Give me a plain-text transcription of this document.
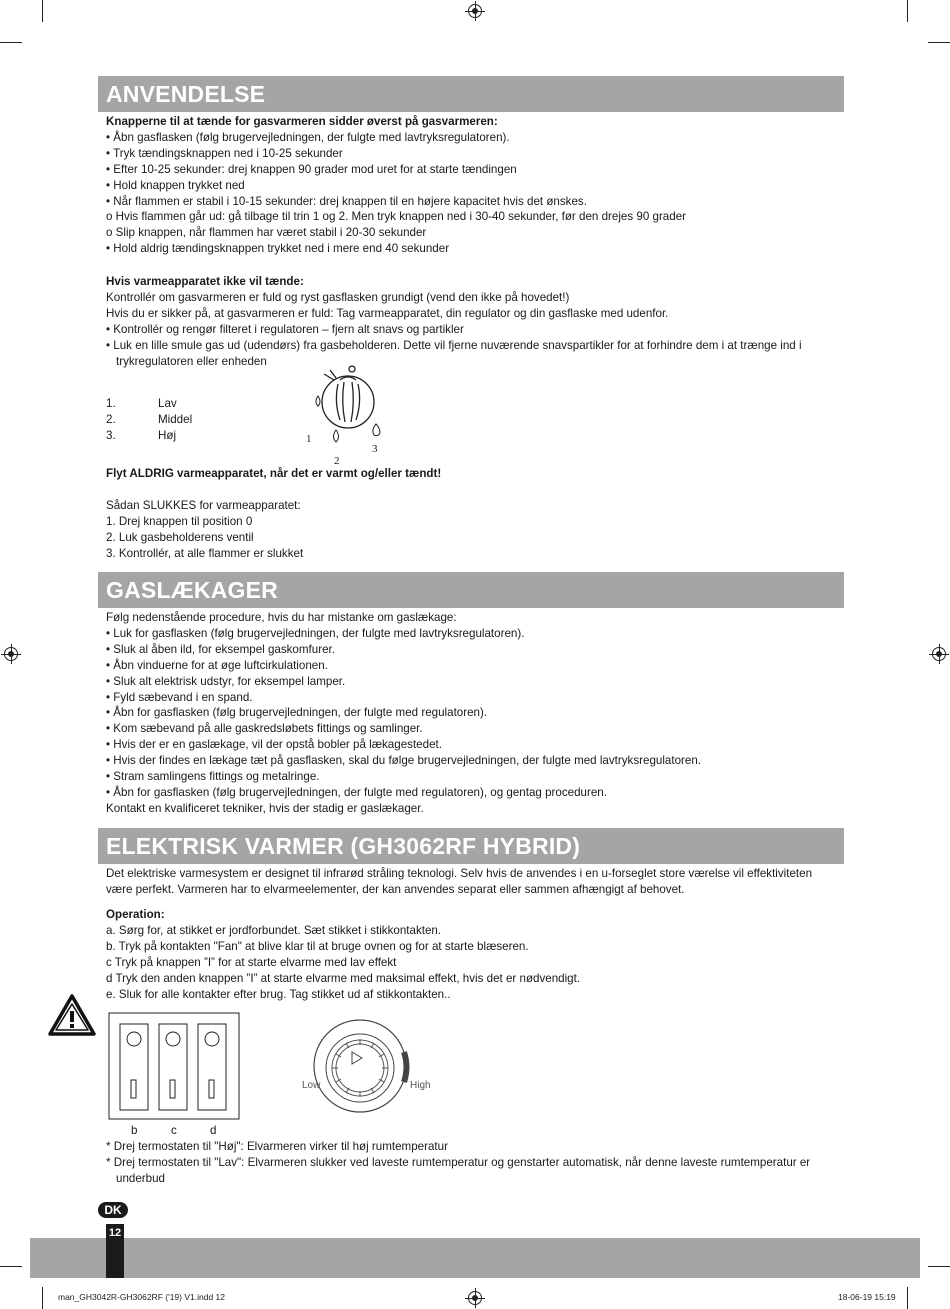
ANVENDELSE

Knapperne til at tænde for gasvarmeren sidder øverst på gasvarmeren:

• Åbn gasflasken (følg brugervejledningen, der fulgte med lavtryksregulatoren).

• Tryk tændingsknappen ned i 10-25 sekunder

• Efter 10-25 sekunder: drej knappen 90 grader mod uret for at starte tændingen

• Hold knappen trykket ned

• Når flammen er stabil i 10-15 sekunder: drej knappen til en højere kapacitet hvis det ønskes.

o Hvis flammen går ud: gå tilbage til trin 1 og 2. Men tryk knappen ned i 30-40 sekunder, før den drejes 90 grader

o Slip knappen, når flammen har været stabil i 20-30 sekunder

• Hold aldrig tændingsknappen trykket ned i mere end 40 sekunder

Hvis varmeapparatet ikke vil tænde:

Kontrollér om gasvarmeren er fuld og ryst gasflasken grundigt (vend den ikke på hovedet!)

Hvis du er sikker på, at gasvarmeren er fuld: Tag varmeapparatet, din regulator og din gasflaske med udenfor.

• Kontrollér og rengør filteret i regulatoren – fjern alt snavs og partikler

• Luk en lille smule gas ud (udendørs) fra gasbeholderen. Dette vil fjerne nuværende snavspartikler for at forhindre dem i at trænge ind i

trykregulatoren eller enheden

1.	Lav
2.	Middel
3.	Høj	1
2
3
Flyt ALDRIG varmeapparatet, når det er varmt og/eller tændt!

Sådan SLUKKES for varmeapparatet:

1. Drej knappen til position 0

2. Luk gasbeholderens ventil

3. Kontrollér, at alle flammer er slukket

GASLÆKAGER

Følg nedenstående procedure, hvis du har mistanke om gaslækage:

• Luk for gasflasken (følg brugervejledningen, der fulgte med lavtryksregulatoren).

• Sluk al åben ild, for eksempel gaskomfurer.

• Åbn vinduerne for at øge luftcirkulationen.

• Sluk alt elektrisk udstyr, for eksempel lamper.

• Fyld sæbevand i en spand.

• Åbn for gasflasken (følg brugervejledningen, der fulgte med regulatoren).

• Kom sæbevand på alle gaskredsløbets fittings og samlinger.

• Hvis der er en gaslækage, vil der opstå bobler på lækagestedet.

• Hvis der findes en lækage tæt på gasflasken, skal du følge brugervejledningen, der fulgte med lavtryksregulatoren.

• Stram samlingens fittings og metalringe.

• Åbn for gasflasken (følg brugervejledningen, der fulgte med regulatoren), og gentag proceduren.

Kontakt en kvalificeret tekniker, hvis der stadig er gaslækager.

ELEKTRISK VARMER (GH3062RF HYBRID)

Det elektriske varmesystem er designet til infrarød stråling teknologi. Selv hvis de anvendes i en u-forseglet store værelse vil effektiviteten

være perfekt. Varmeren har to elvarmeelementer, der kan anvendes separat eller sammen afhængigt af behovet.

Operation:

a. Sørg for, at stikket er jordforbundet. Sæt stikket i stikkontakten.

b. Tryk på kontakten "Fan" at blive klar til at bruge ovnen og for at starte blæseren.

c Tryk på knappen ”I” for at starte elvarme med lav effekt

d Tryk den anden knappen ”I” at starte elvarme med maksimal effekt, hvis det er nødvendigt.

e. Sluk for alle kontakter efter brug. Tag stikket ud af stikkontakten..

b	c	d
Low	High

* Drej termostaten til "Høj": Elvarmeren virker til høj rumtemperatur

* Drej termostaten til "Lav": Elvarmeren slukker ved laveste rumtemperatur og genstarter automatisk, når denne laveste rumtemperatur er

underbud

DK
12
man_GH3042R-GH3062RF ('19) V1.indd 12	18-06-19 15:19
